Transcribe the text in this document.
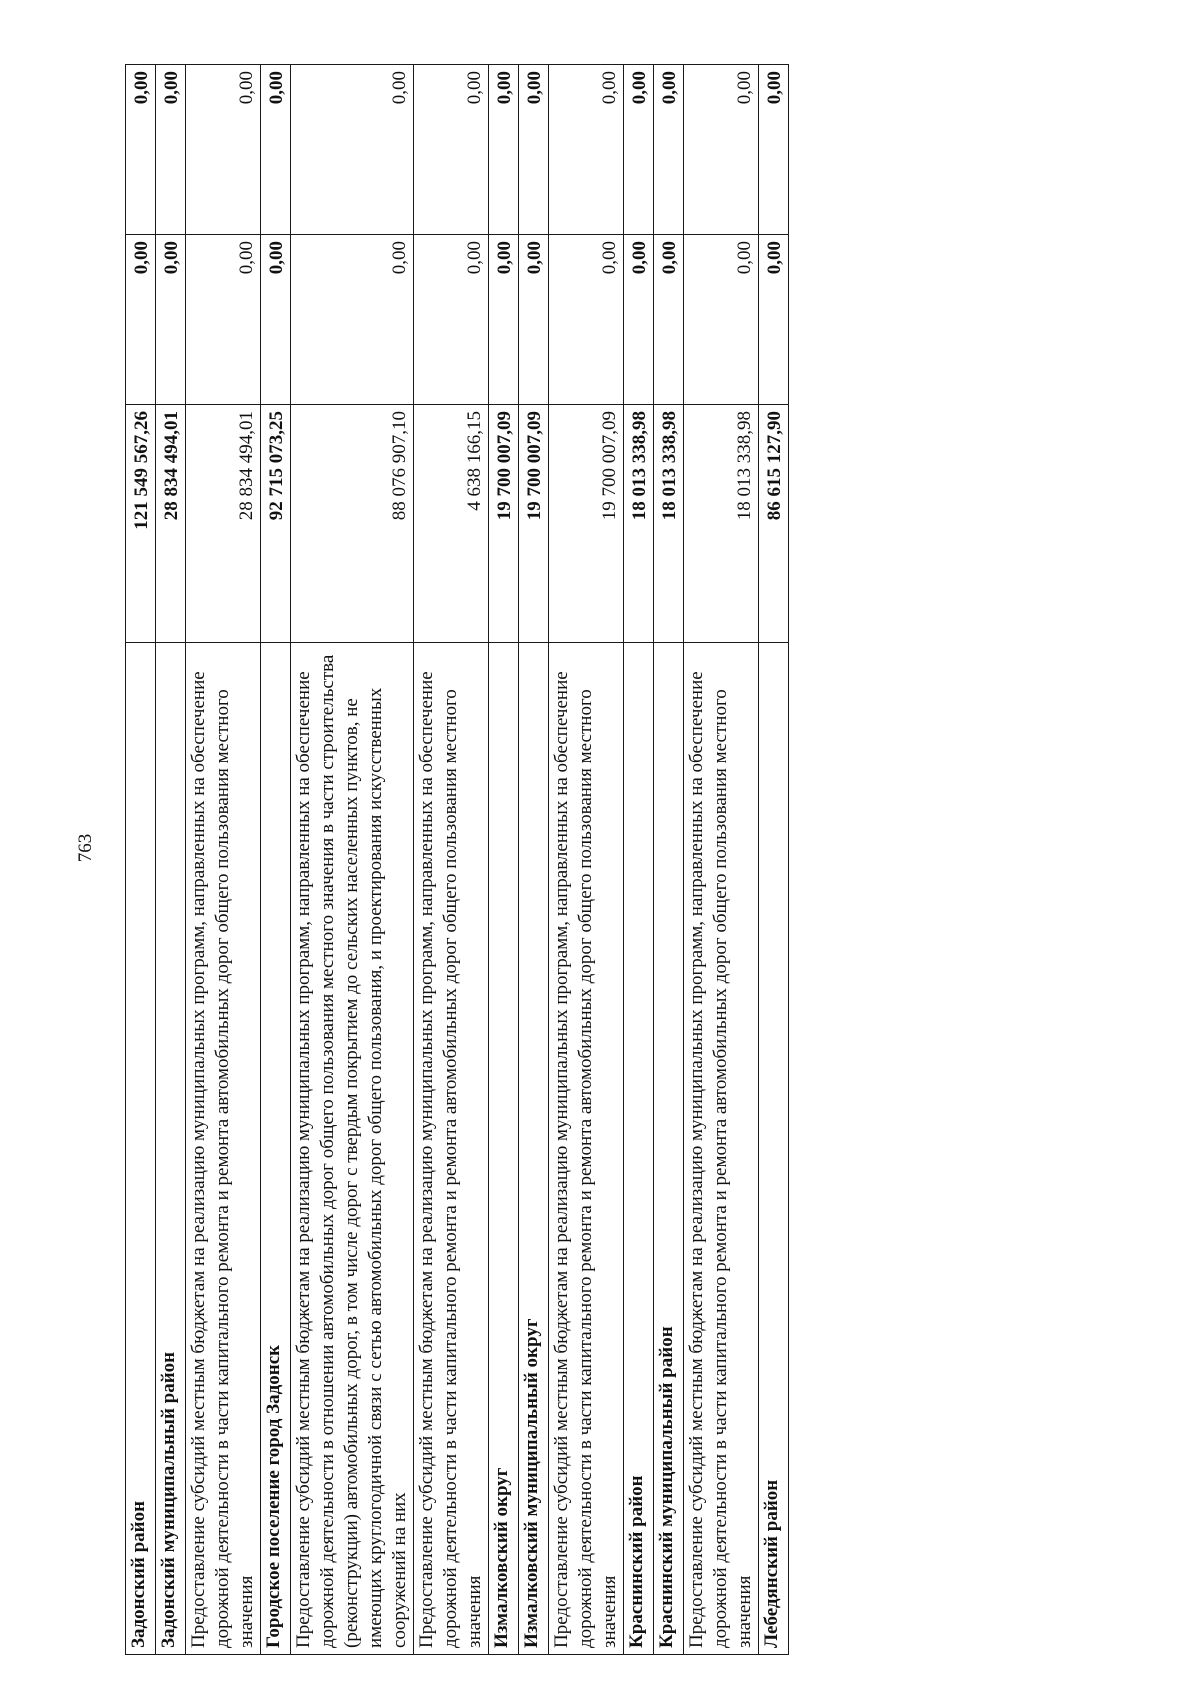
763
Задонский район	121 549 567,26	0,00	0,00
Задонский муниципальный район	28 834 494,01	0,00	0,00
Предоставление субсидий местным бюджетам на реализацию муниципальных программ, направленных на обеспечение дорожной деятельности в части капитального ремонта и ремонта автомобильных дорог общего пользования местного значения	28 834 494,01	0,00	0,00
Городское поселение город Задонск	92 715 073,25	0,00	0,00
Предоставление субсидий местным бюджетам на реализацию муниципальных программ, направленных на обеспечение дорожной деятельности в отношении автомобильных дорог общего пользования местного значения в части строительства (реконструкции) автомобильных дорог, в том числе дорог с твердым покрытием до сельских населенных пунктов, не имеющих круглогодичной связи с сетью автомобильных дорог общего пользования, и проектирования искусственных сооружений на них	88 076 907,10	0,00	0,00
Предоставление субсидий местным бюджетам на реализацию муниципальных программ, направленных на обеспечение дорожной деятельности в части капитального ремонта и ремонта автомобильных дорог общего пользования местного значения	4 638 166,15	0,00	0,00
Измалковский округ	19 700 007,09	0,00	0,00
Измалковский муниципальный округ	19 700 007,09	0,00	0,00
Предоставление субсидий местным бюджетам на реализацию муниципальных программ, направленных на обеспечение дорожной деятельности в части капитального ремонта и ремонта автомобильных дорог общего пользования местного значения	19 700 007,09	0,00	0,00
Краснинский район	18 013 338,98	0,00	0,00
Краснинский муниципальный район	18 013 338,98	0,00	0,00
Предоставление субсидий местным бюджетам на реализацию муниципальных программ, направленных на обеспечение дорожной деятельности в части капитального ремонта и ремонта автомобильных дорог общего пользования местного значения	18 013 338,98	0,00	0,00
Лебедянский район	86 615 127,90	0,00	0,00
